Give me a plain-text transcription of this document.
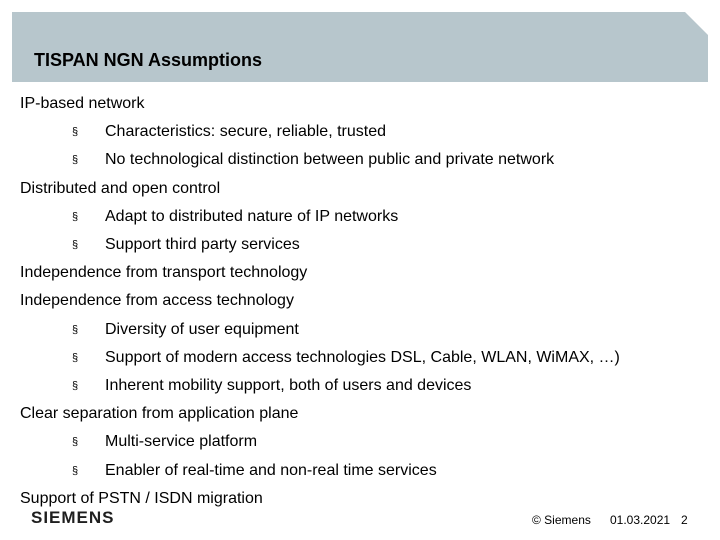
TISPAN NGN Assumptions
IP-based network
§ Characteristics: secure, reliable, trusted
§ No technological distinction between public and private network
Distributed and open control
§ Adapt to distributed nature of IP networks
§ Support third party services
Independence from transport technology
Independence from access technology
§ Diversity of user equipment
§ Support of modern access technologies DSL, Cable, WLAN, WiMAX, …)
§ Inherent mobility support, both of users and devices
Clear separation from application plane
§ Multi-service platform
§ Enabler of real-time and non-real time services
Support of PSTN / ISDN migration
SIEMENS	© Siemens 01.03.2021 2
